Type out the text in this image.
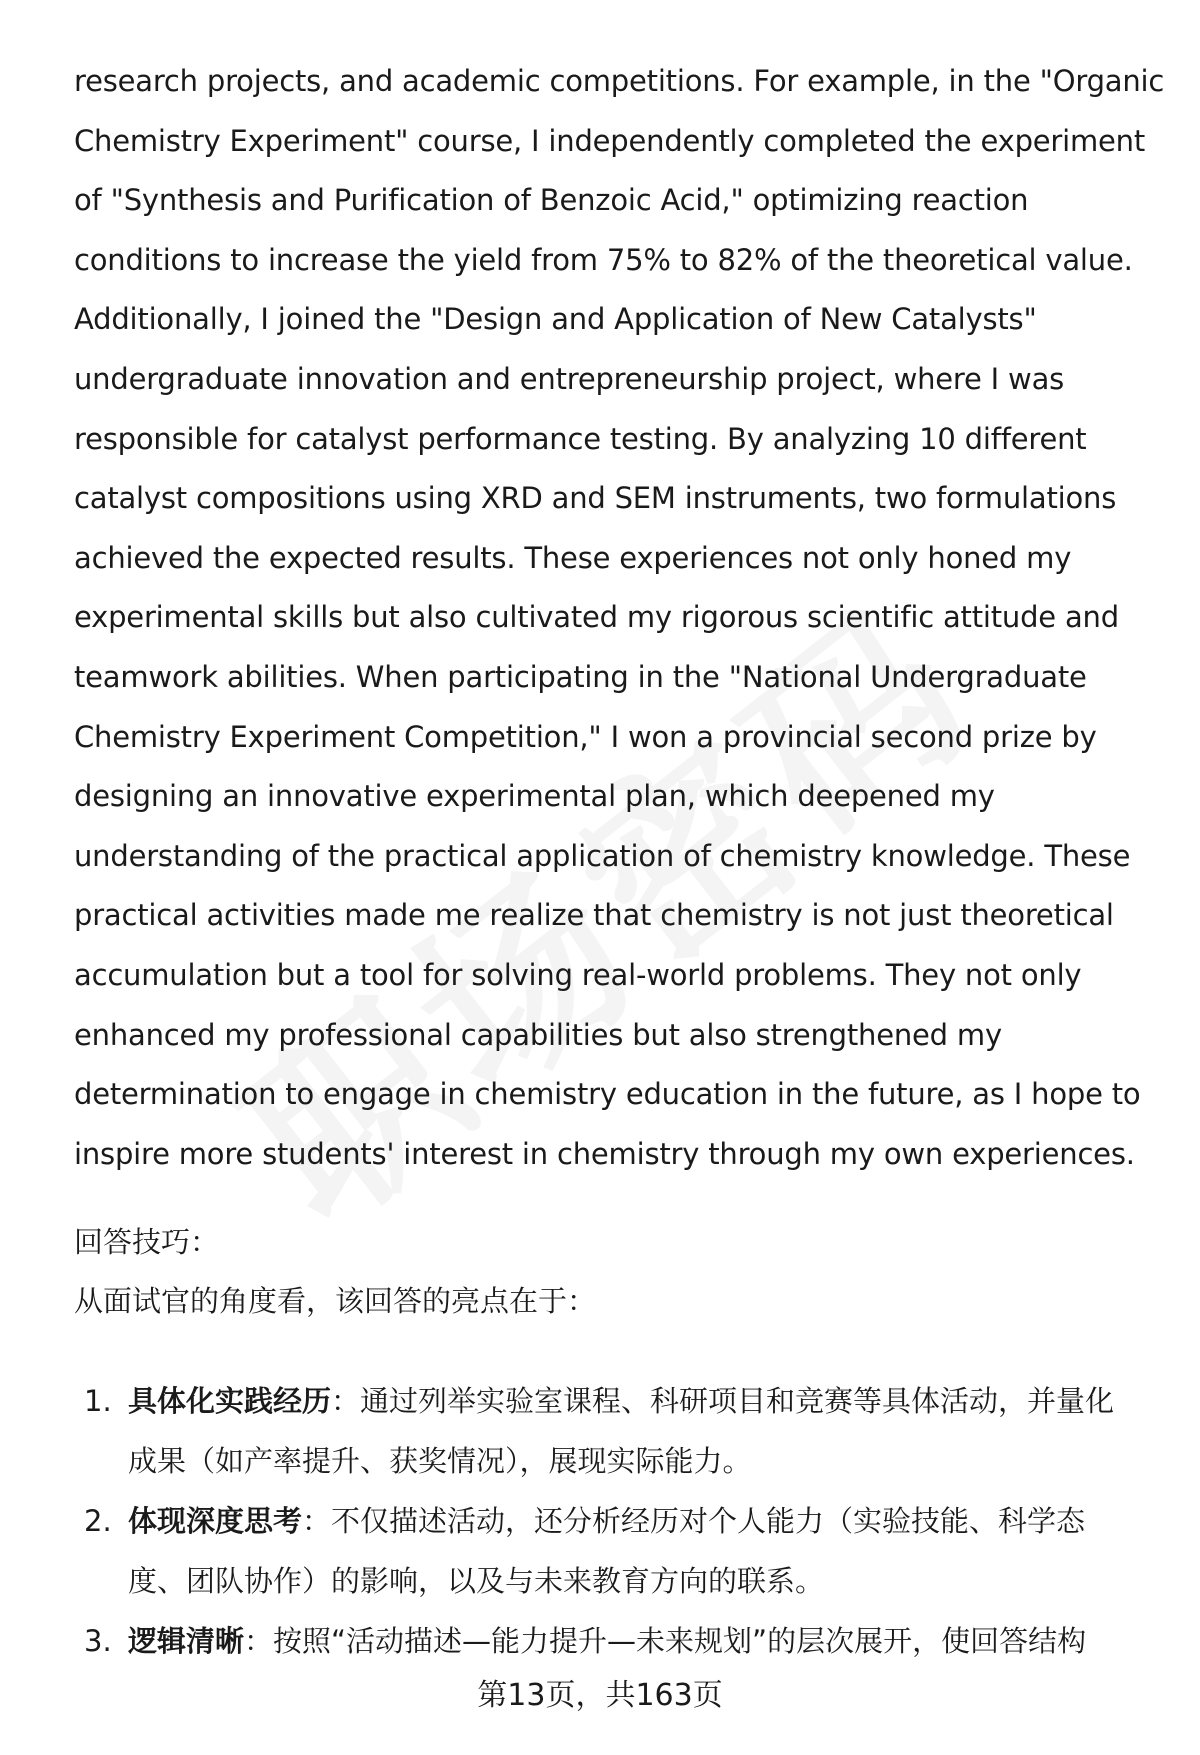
research projects, and academic competitions. For example, in the "Organic
Chemistry Experiment" course, I independently completed the experiment
of "Synthesis and Purification of Benzoic Acid," optimizing reaction
conditions to increase the yield from 75% to 82% of the theoretical value.
Additionally, I joined the "Design and Application of New Catalysts"
undergraduate innovation and entrepreneurship project, where I was
responsible for catalyst performance testing. By analyzing 10 different
catalyst compositions using XRD and SEM instruments, two formulations
achieved the expected results. These experiences not only honed my
experimental skills but also cultivated my rigorous scientific attitude and
teamwork abilities. When participating in the "National Undergraduate
Chemistry Experiment Competition," I won a provincial second prize by
designing an innovative experimental plan, which deepened my
understanding of the practical application of chemistry knowledge. These
practical activities made me realize that chemistry is not just theoretical
accumulation but a tool for solving real-world problems. They not only
enhanced my professional capabilities but also strengthened my
determination to engage in chemistry education in the future, as I hope to
inspire more students' interest in chemistry through my own experiences.
回答技巧：
从面试官的角度看，该回答的亮点在于：
1. 具体化实践经历：通过列举实验室课程、科研项目和竞赛等具体活动，并量化
成果（如产率提升、获奖情况），展现实际能力。
2. 体现深度思考：不仅描述活动，还分析经历对个人能力（实验技能、科学态
度、团队协作）的影响，以及与未来教育方向的联系。
3. 逻辑清晰：按照“活动描述—能力提升—未来规划”的层次展开，使回答结构
第13页，共163页
